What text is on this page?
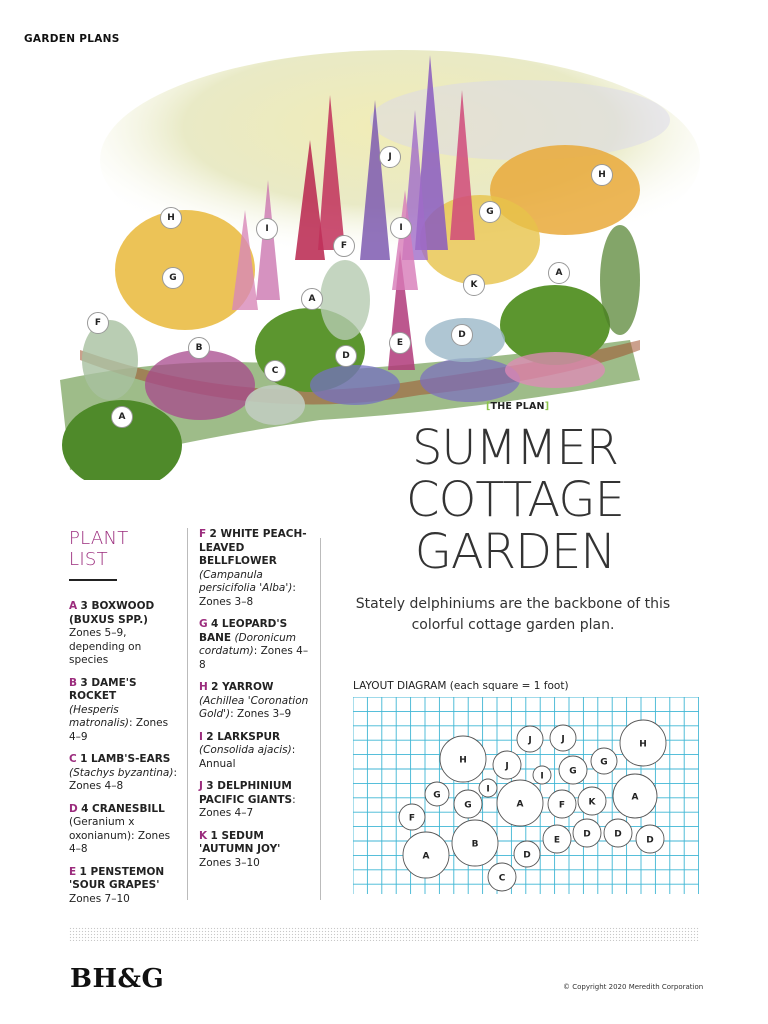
GARDEN PLANS
J
H
H
G
I	I
F
A
G
K
A
F
D
B	E
D
C
A
[THE PLAN]
SUMMER
COTTAGE
GARDEN
Stately delphiniums are the backbone of this colorful cottage garden plan.
PLANT
LIST
A 3 BOXWOOD (BUXUS SPP.)
Zones 5–9, depending on species
B 3 DAME'S ROCKET
(Hesperis matronalis): Zones 4–9
C 1 LAMB'S-EARS
(Stachys byzantina): Zones 4–8
D 4 CRANESBILL
(Geranium x oxonianum): Zones 4–8
E 1 PENSTEMON 'SOUR GRAPES'
Zones 7–10
F 2 WHITE PEACH-LEAVED BELLFLOWER
(Campanula persicifolia 'Alba'): Zones 3–8
G 4 LEOPARD'S BANE (Doronicum cordatum): Zones 4–8
H 2 YARROW
(Achillea 'Coronation Gold'): Zones 3–9
I 2 LARKSPUR
(Consolida ajacis): Annual
J 3 DELPHINIUM PACIFIC GIANTS: Zones 4–7
K 1 SEDUM 'AUTUMN JOY'
Zones 3–10
LAYOUT DIAGRAM (each square = 1 foot)
J	J	H
H
J
I	G
G
G
I
G	A	F	K	A
F
D	D
D
E
B
A	D
C
BH&G	© Copyright 2020 Meredith Corporation
